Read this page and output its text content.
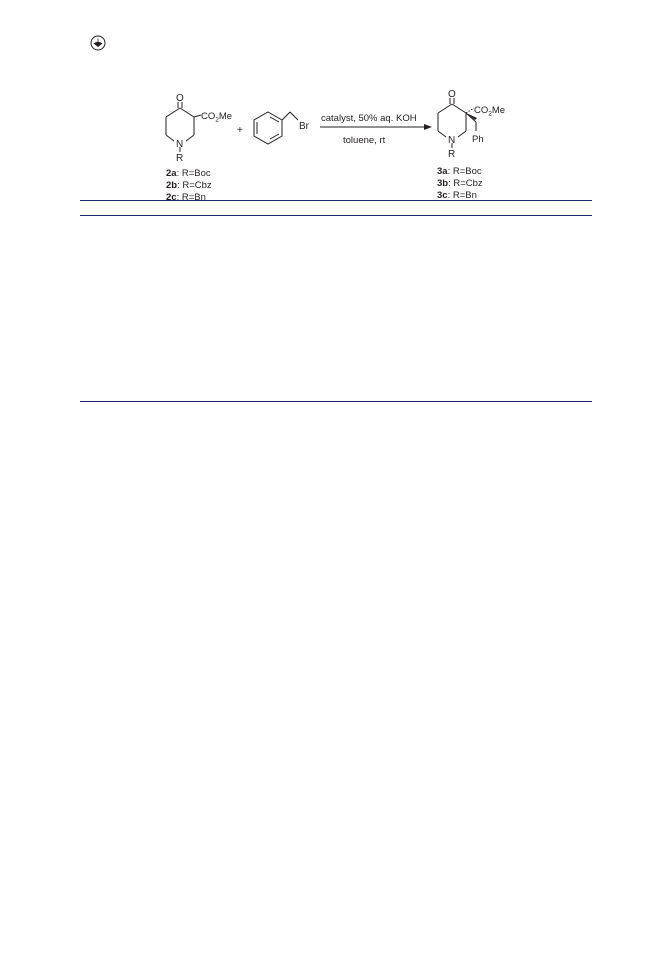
O
$CO_2Me$
N
R
2a: R=Boc
2b: R=Cbz
2c: R=Bn
+	Br
catalyst, 50% aq. KOH
toluene, rt
O
$CO_2Me$
Ph
N
R
3a: R=Boc
3b: R=Cbz
3c: R=Bn
